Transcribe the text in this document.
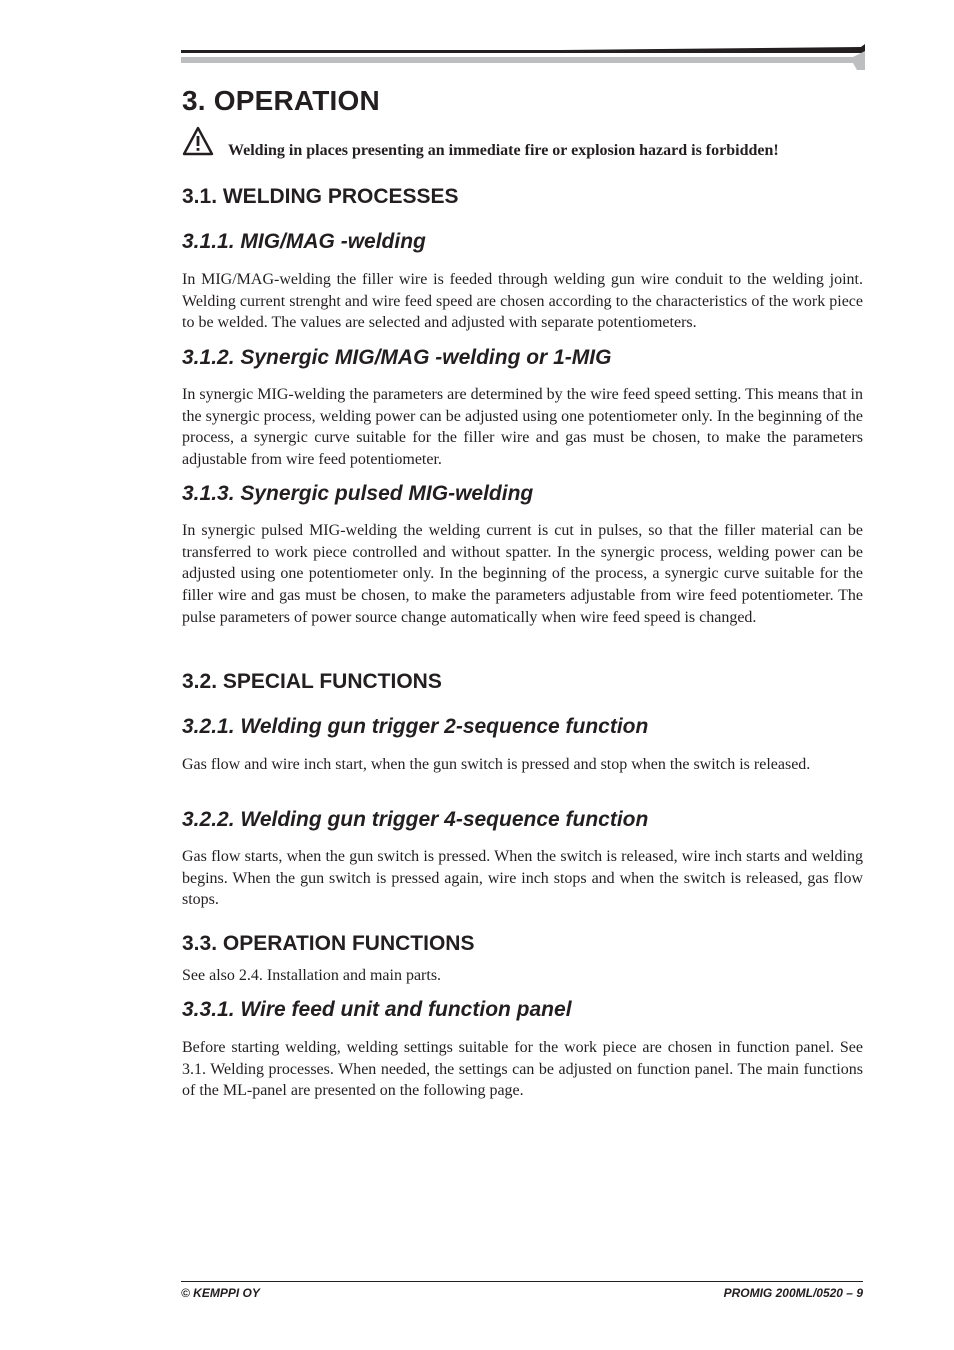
3. OPERATION
Welding in places presenting an immediate fire or explosion hazard is forbidden!
3.1. WELDING PROCESSES
3.1.1. MIG/MAG -welding

In MIG/MAG-welding the filler wire is feeded through welding gun wire conduit to the welding joint. Welding current strenght and wire feed speed are chosen according to the characteristics of the work piece to be welded. The values are selected and adjusted with separate potentiometers.

3.1.2. Synergic MIG/MAG -welding or 1-MIG

In synergic MIG-welding the parameters are determined by the wire feed speed setting. This means that in the synergic process, welding power can be adjusted using one potentiometer only. In the beginning of the process, a synergic curve suitable for the filler wire and gas must be chosen, to make the parameters adjustable from wire feed potentiometer.

3.1.3. Synergic pulsed MIG-welding

In synergic pulsed MIG-welding the welding current is cut in pulses, so that the filler material can be transferred to work piece controlled and without spatter. In the synergic process, welding power can be adjusted using one potentiometer only. In the beginning of the process, a synergic curve suitable for the filler wire and gas must be chosen, to make the parameters adjustable from wire feed potentiometer. The pulse parameters of power source change automatically when wire feed speed is changed.

3.2. SPECIAL FUNCTIONS
3.2.1. Welding gun trigger 2-sequence function

Gas flow and wire inch start, when the gun switch is pressed and stop when the switch is released.

3.2.2. Welding gun trigger 4-sequence function

Gas flow starts, when the gun switch is pressed. When the switch is released, wire inch starts and welding begins. When the gun switch is pressed again, wire inch stops and when the switch is released, gas flow stops.

3.3. OPERATION FUNCTIONS

See also 2.4. Installation and main parts.

3.3.1. Wire feed unit and function panel

Before starting welding, welding settings suitable for the work piece are chosen in function panel. See 3.1. Welding processes. When needed, the settings can be adjusted on function panel. The main functions of the ML-panel are presented on the following page.

© KEMPPI OY	PROMIG 200ML/0520 – 9
